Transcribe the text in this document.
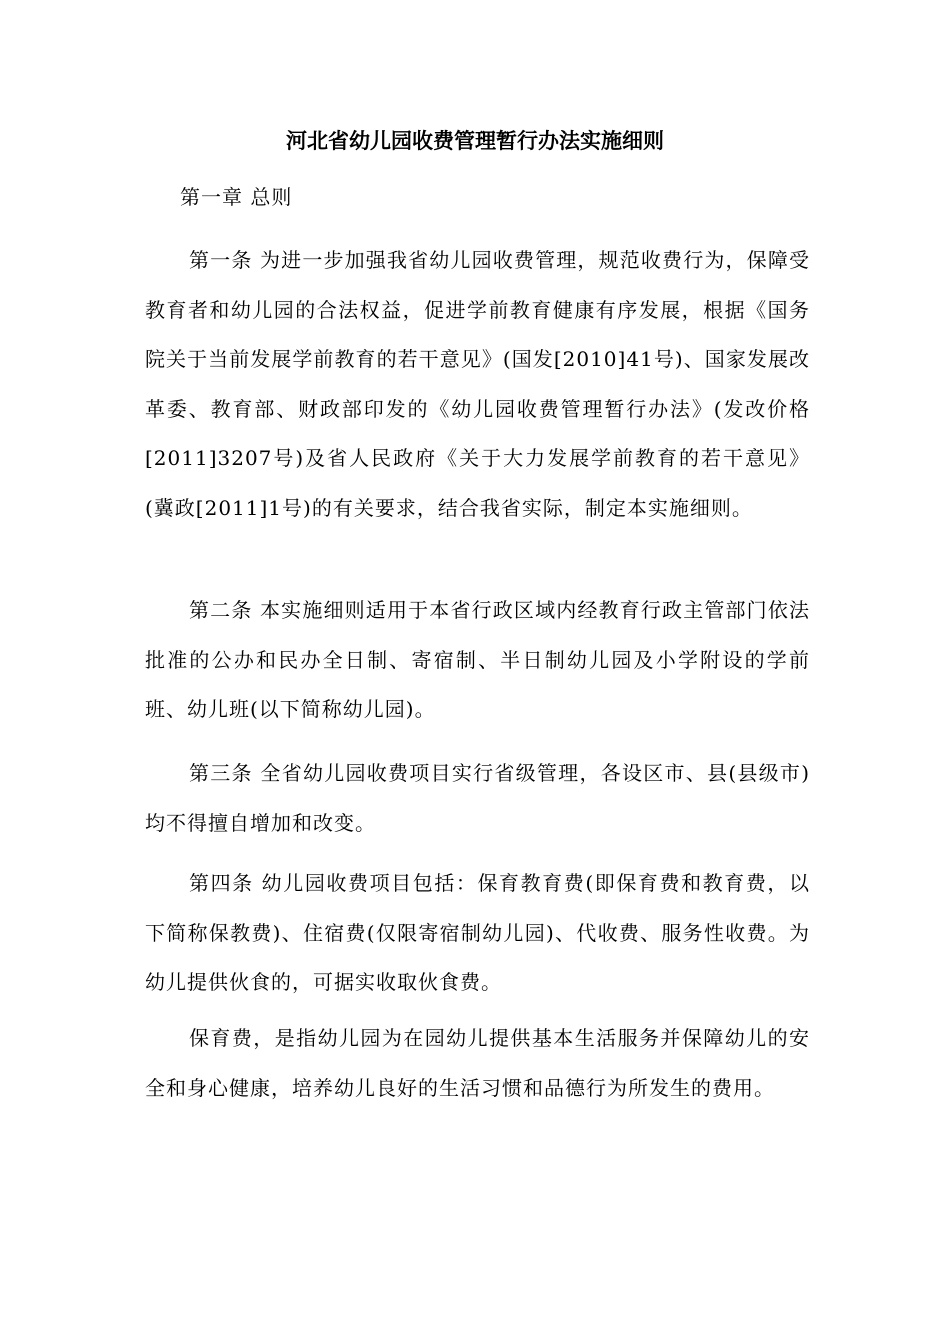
河北省幼儿园收费管理暂行办法实施细则
第一章 总则

第一条 为进一步加强我省幼儿园收费管理，规范收费行为，保障受教育者和幼儿园的合法权益，促进学前教育健康有序发展，根据《国务院关于当前发展学前教育的若干意见》(国发[2010]41号)、国家发展改革委、教育部、财政部印发的《幼儿园收费管理暂行办法》(发改价格[2011]3207号)及省人民政府《关于大力发展学前教育的若干意见》(冀政[2011]1号)的有关要求，结合我省实际，制定本实施细则。

第二条 本实施细则适用于本省行政区域内经教育行政主管部门依法批准的公办和民办全日制、寄宿制、半日制幼儿园及小学附设的学前班、幼儿班(以下简称幼儿园)。

第三条 全省幼儿园收费项目实行省级管理，各设区市、县(县级市)均不得擅自增加和改变。

第四条 幼儿园收费项目包括：保育教育费(即保育费和教育费，以下简称保教费)、住宿费(仅限寄宿制幼儿园)、代收费、服务性收费。为幼儿提供伙食的，可据实收取伙食费。

保育费，是指幼儿园为在园幼儿提供基本生活服务并保障幼儿的安全和身心健康，培养幼儿良好的生活习惯和品德行为所发生的费用。
